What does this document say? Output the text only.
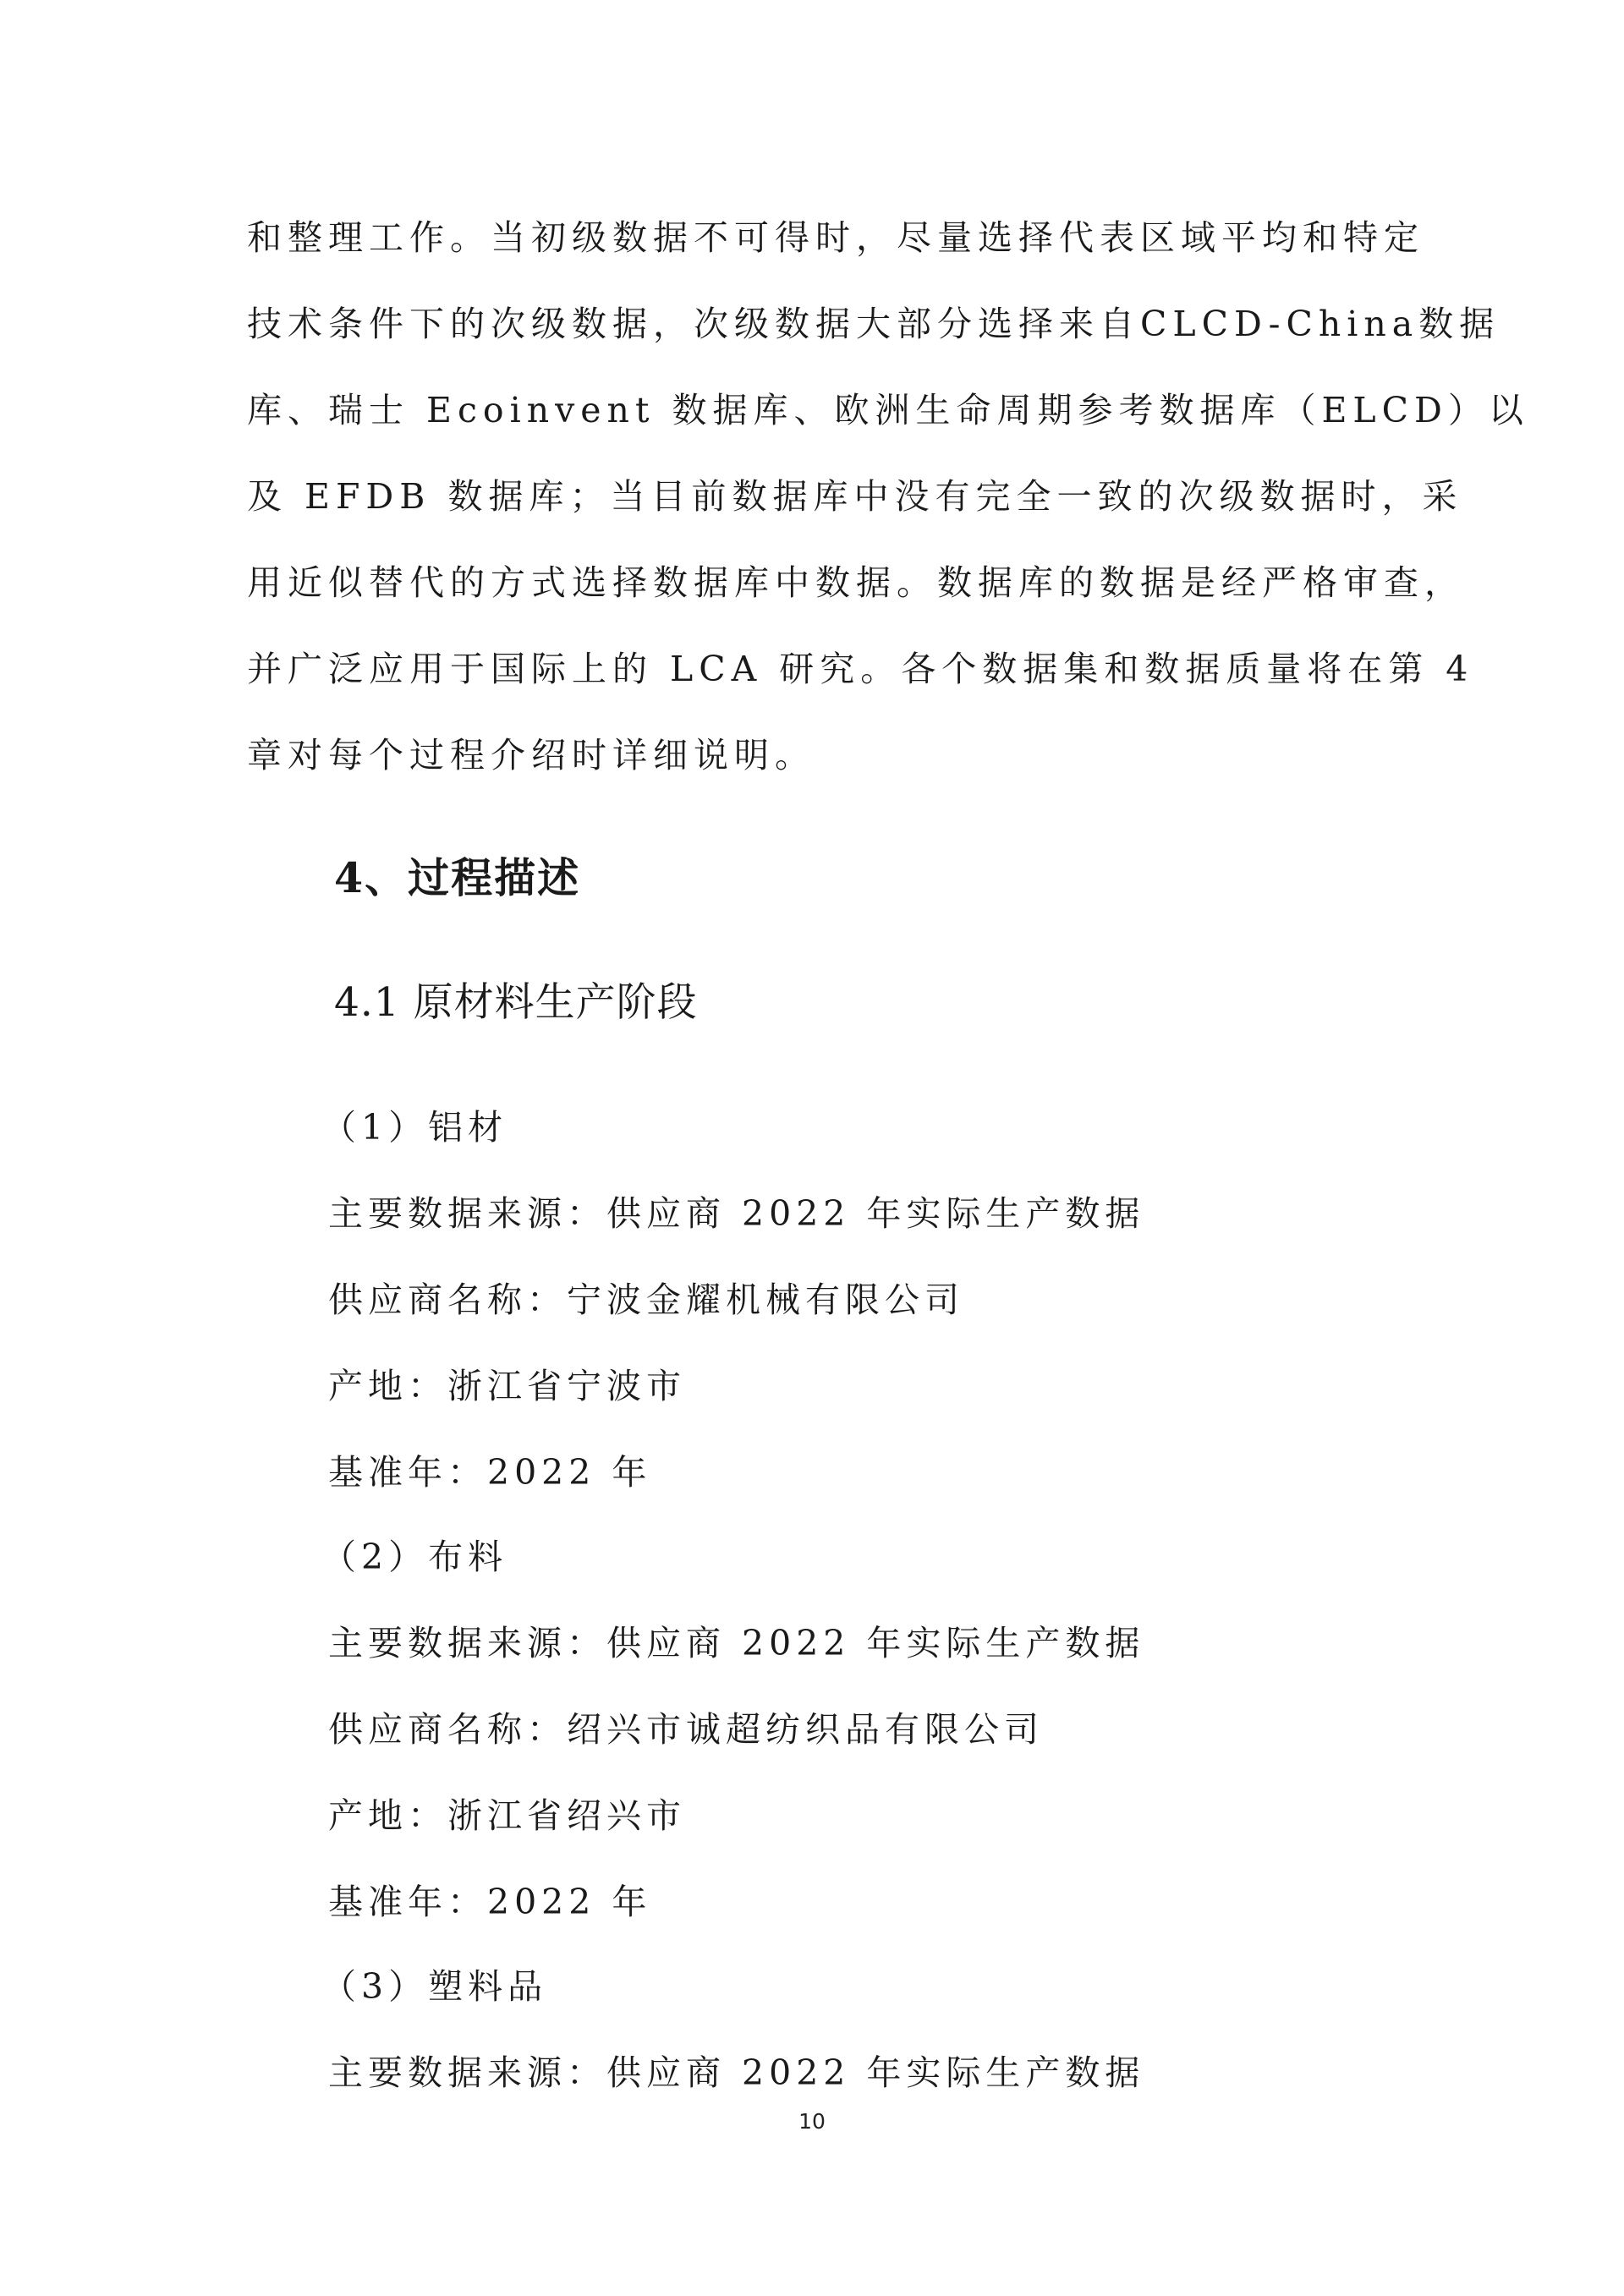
和整理工作。当初级数据不可得时，尽量选择代表区域平均和特定
技术条件下的次级数据，次级数据大部分选择来自CLCD-China数据
库、瑞士 Ecoinvent 数据库、欧洲生命周期参考数据库（ELCD）以
及 EFDB 数据库；当目前数据库中没有完全一致的次级数据时，采
用近似替代的方式选择数据库中数据。数据库的数据是经严格审查，
并广泛应用于国际上的 LCA 研究。各个数据集和数据质量将在第 4
章对每个过程介绍时详细说明。
4、过程描述
4.1 原材料生产阶段
（1）铝材
主要数据来源：供应商 2022 年实际生产数据
供应商名称：宁波金耀机械有限公司
产地：浙江省宁波市
基准年：2022 年
（2）布料
主要数据来源：供应商 2022 年实际生产数据
供应商名称：绍兴市诚超纺织品有限公司
产地：浙江省绍兴市
基准年：2022 年
（3）塑料品
主要数据来源：供应商 2022 年实际生产数据
10
